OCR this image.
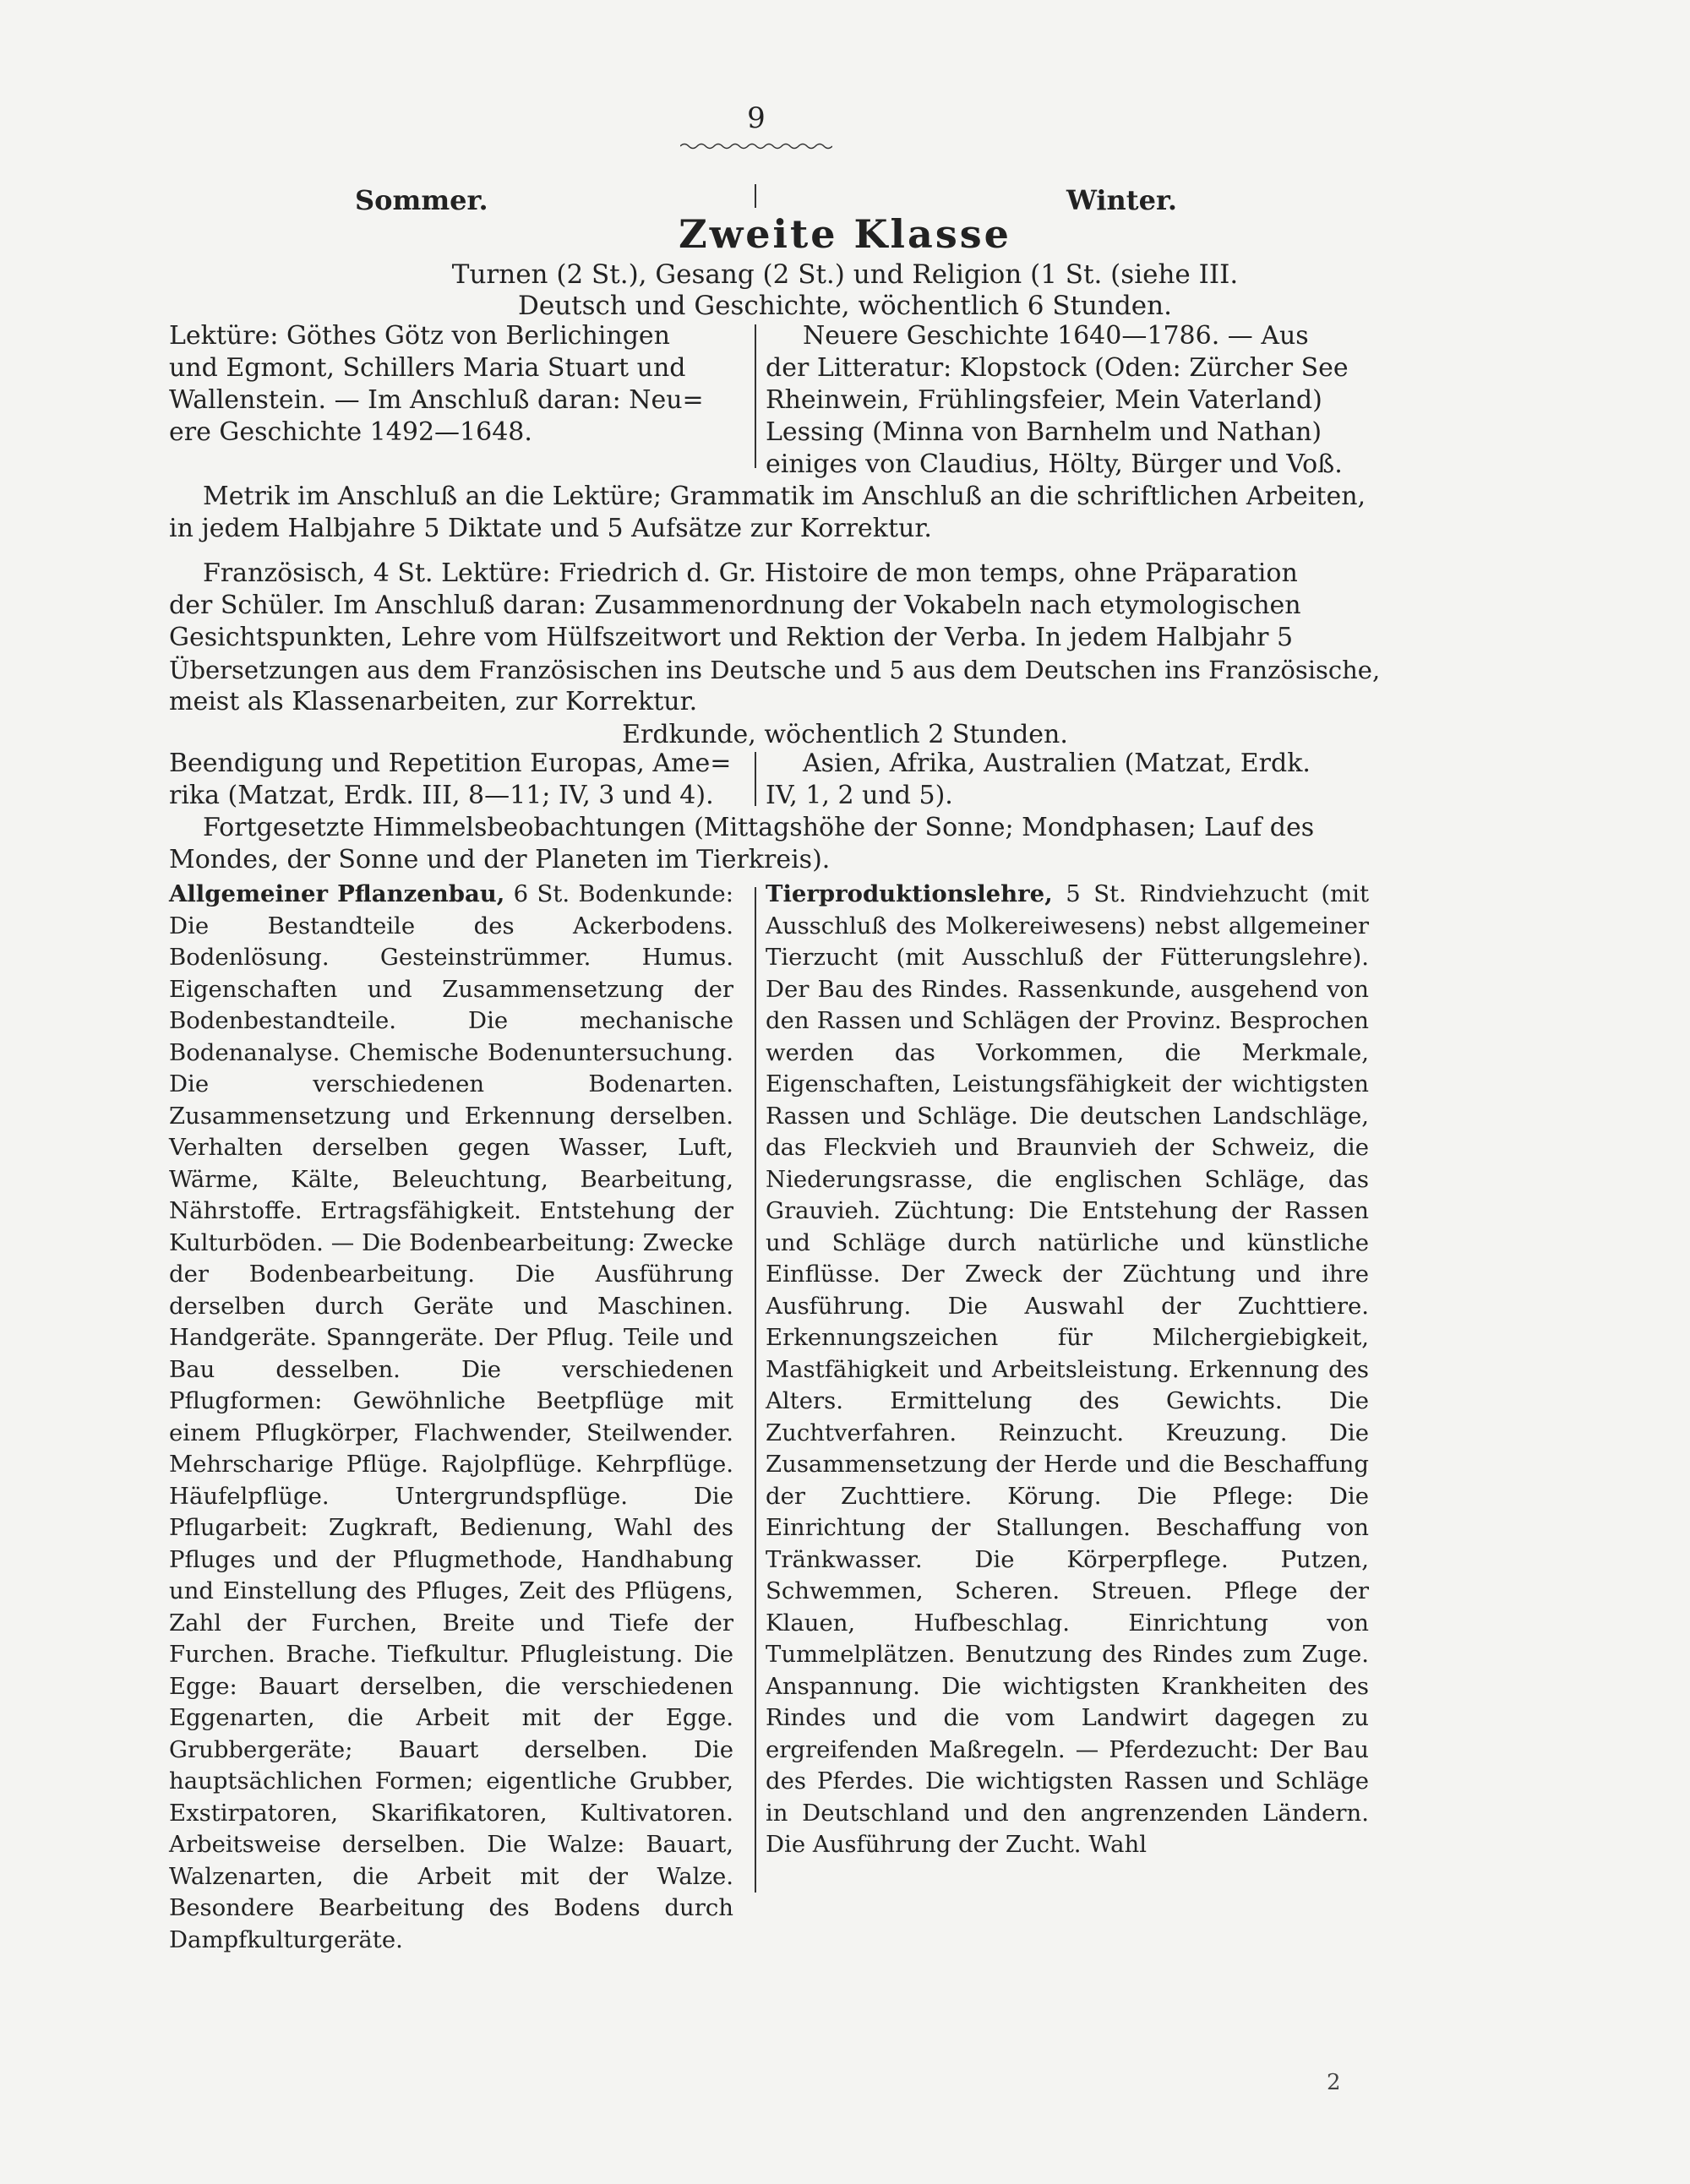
9
Sommer.	Winter.
Zweite Klasse
Turnen (2 St.), Gesang (2 St.) und Religion (1 St. (siehe III.
Deutsch und Geschichte, wöchentlich 6 Stunden.
Lektüre: Göthes Götz von Berlichingen
und Egmont, Schillers Maria Stuart und
Wallenstein. — Im Anschluß daran: Neu=
ere Geschichte 1492—1648.
Neuere Geschichte 1640—1786. — Aus
der Litteratur: Klopstock (Oden: Zürcher See
Rheinwein, Frühlingsfeier, Mein Vaterland)
Lessing (Minna von Barnhelm und Nathan)
einiges von Claudius, Hölty, Bürger und Voß.
Metrik im Anschluß an die Lektüre; Grammatik im Anschluß an die schriftlichen Arbeiten,
in jedem Halbjahre 5 Diktate und 5 Aufsätze zur Korrektur.
Französisch, 4 St. Lektüre: Friedrich d. Gr. Histoire de mon temps, ohne Präparation
der Schüler. Im Anschluß daran: Zusammenordnung der Vokabeln nach etymologischen
Gesichtspunkten, Lehre vom Hülfszeitwort und Rektion der Verba. In jedem Halbjahr 5
Übersetzungen aus dem Französischen ins Deutsche und 5 aus dem Deutschen ins Französische,
meist als Klassenarbeiten, zur Korrektur.
Erdkunde, wöchentlich 2 Stunden.
Beendigung und Repetition Europas, Ame=
rika (Matzat, Erdk. III, 8—11; IV, 3 und 4).
Asien, Afrika, Australien (Matzat, Erdk.
IV, 1, 2 und 5).
Fortgesetzte Himmelsbeobachtungen (Mittagshöhe der Sonne; Mondphasen; Lauf des
Mondes, der Sonne und der Planeten im Tierkreis).

Allgemeiner Pflanzenbau, 6 St. Bodenkunde: Die Bestandteile des Ackerbodens. Bodenlösung. Gesteinstrümmer. Humus. Eigenschaften und Zusammensetzung der Bodenbestandteile. Die mechanische Bodenanalyse. Chemische Bodenuntersuchung. Die verschiedenen Bodenarten. Zusammensetzung und Erkennung derselben. Verhalten derselben gegen Wasser, Luft, Wärme, Kälte, Beleuchtung, Bearbeitung, Nährstoffe. Ertragsfähigkeit. Entstehung der Kulturböden. — Die Bodenbearbeitung: Zwecke der Bodenbearbeitung. Die Ausführung derselben durch Geräte und Maschinen. Handgeräte. Spanngeräte. Der Pflug. Teile und Bau desselben. Die verschiedenen Pflugformen: Gewöhnliche Beetpflüge mit einem Pflugkörper, Flachwender, Steilwender. Mehrscharige Pflüge. Rajolpflüge. Kehrpflüge. Häufelpflüge. Untergrundspflüge. Die Pflugarbeit: Zugkraft, Bedienung, Wahl des Pfluges und der Pflugmethode, Handhabung und Einstellung des Pfluges, Zeit des Pflügens, Zahl der Furchen, Breite und Tiefe der Furchen. Brache. Tiefkultur. Pflugleistung. Die Egge: Bauart derselben, die verschiedenen Eggenarten, die Arbeit mit der Egge. Grubbergeräte; Bauart derselben. Die hauptsächlichen Formen; eigentliche Grubber, Exstirpatoren, Skarifikatoren, Kultivatoren. Arbeitsweise derselben. Die Walze: Bauart, Walzenarten, die Arbeit mit der Walze. Besondere Bearbeitung des Bodens durch Dampfkulturgeräte.

Tierproduktionslehre, 5 St. Rindviehzucht (mit Ausschluß des Molkereiwesens) nebst allgemeiner Tierzucht (mit Ausschluß der Fütterungslehre). Der Bau des Rindes. Rassenkunde, ausgehend von den Rassen und Schlägen der Provinz. Besprochen werden das Vorkommen, die Merkmale, Eigenschaften, Leistungsfähigkeit der wichtigsten Rassen und Schläge. Die deutschen Landschläge, das Fleckvieh und Braunvieh der Schweiz, die Niederungsrasse, die englischen Schläge, das Grauvieh. Züchtung: Die Entstehung der Rassen und Schläge durch natürliche und künstliche Einflüsse. Der Zweck der Züchtung und ihre Ausführung. Die Auswahl der Zuchttiere. Erkennungszeichen für Milchergiebigkeit, Mastfähigkeit und Arbeitsleistung. Erkennung des Alters. Ermittelung des Gewichts. Die Zuchtverfahren. Reinzucht. Kreuzung. Die Zusammensetzung der Herde und die Beschaffung der Zuchttiere. Körung. Die Pflege: Die Einrichtung der Stallungen. Beschaffung von Tränkwasser. Die Körperpflege. Putzen, Schwemmen, Scheren. Streuen. Pflege der Klauen, Hufbeschlag. Einrichtung von Tummelplätzen. Benutzung des Rindes zum Zuge. Anspannung. Die wichtigsten Krankheiten des Rindes und die vom Landwirt dagegen zu ergreifenden Maßregeln. — Pferdezucht: Der Bau des Pferdes. Die wichtigsten Rassen und Schläge in Deutschland und den angrenzenden Ländern. Die Ausführung der Zucht. Wahl

2
